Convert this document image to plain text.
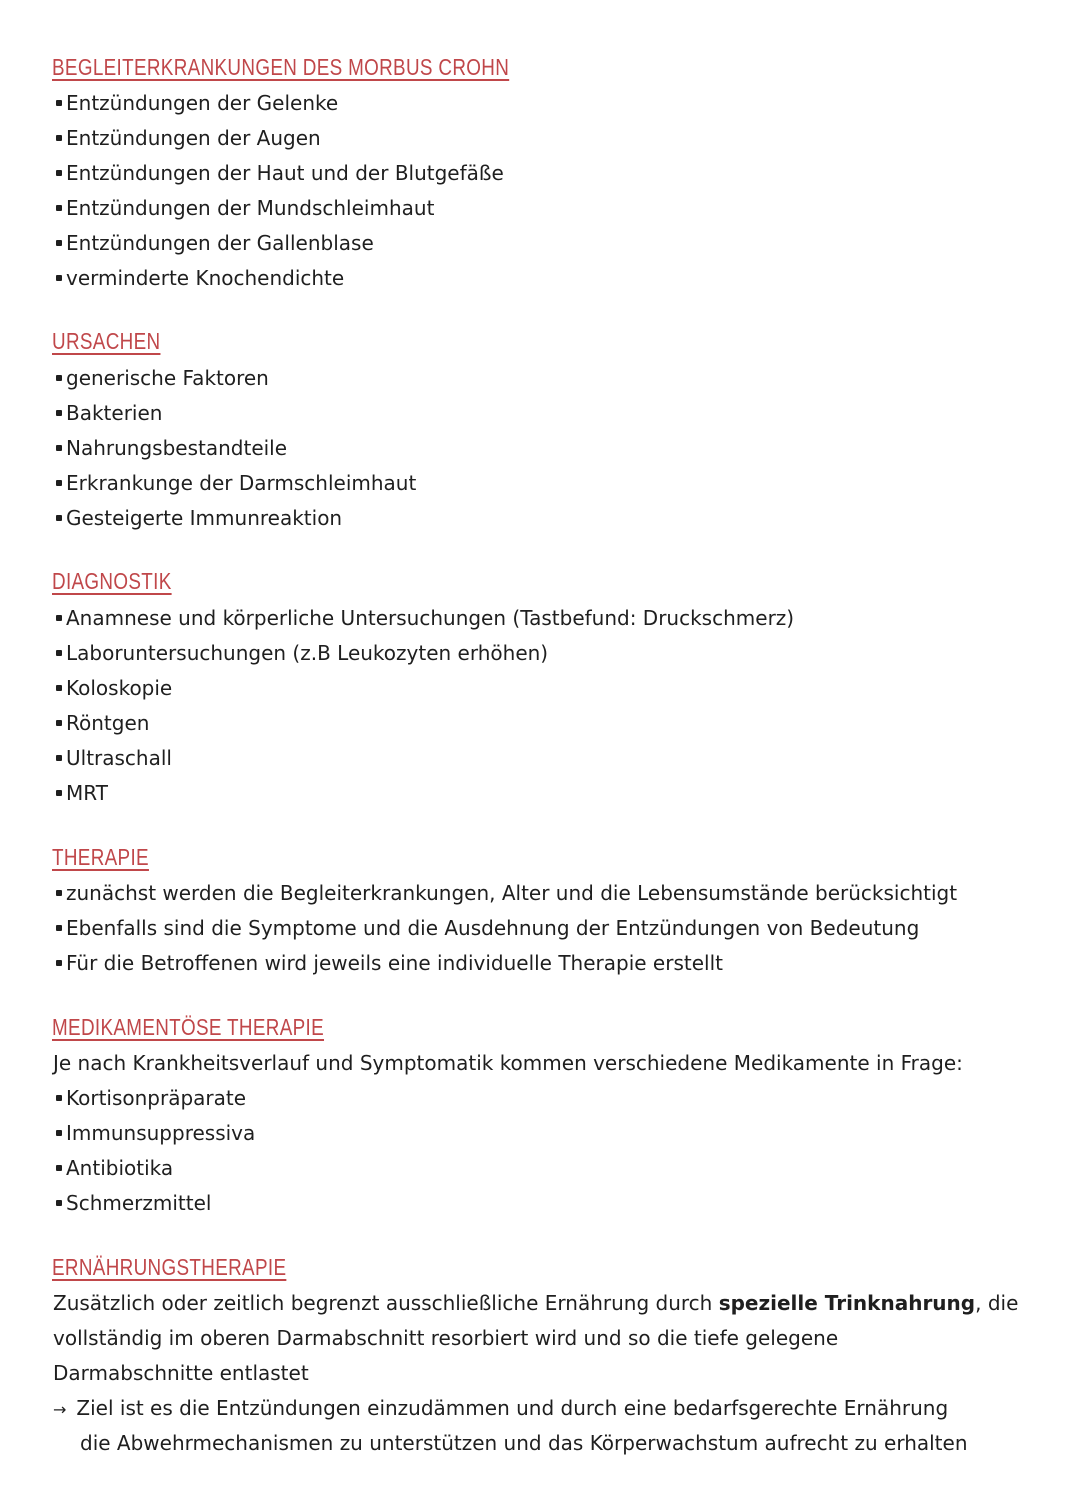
BEGLEITERKRANKUNGEN DES MORBUS CROHN
Entzündungen der Gelenke
Entzündungen der Augen
Entzündungen der Haut und der Blutgefäße
Entzündungen der Mundschleimhaut
Entzündungen der Gallenblase
verminderte Knochendichte
URSACHEN
generische Faktoren
Bakterien
Nahrungsbestandteile
Erkrankunge der Darmschleimhaut
Gesteigerte Immunreaktion
DIAGNOSTIK
Anamnese und körperliche Untersuchungen (Tastbefund: Druckschmerz)
Laboruntersuchungen (z.B Leukozyten erhöhen)
Koloskopie
Röntgen
Ultraschall
MRT
THERAPIE
zunächst werden die Begleiterkrankungen, Alter und die Lebensumstände berücksichtigt
Ebenfalls sind die Symptome und die Ausdehnung der Entzündungen von Bedeutung
Für die Betroffenen wird jeweils eine individuelle Therapie erstellt
MEDIKAMENTÖSE THERAPIE
Je nach Krankheitsverlauf und Symptomatik kommen verschiedene Medikamente in Frage:
Kortisonpräparate
Immunsuppressiva
Antibiotika
Schmerzmittel
ERNÄHRUNGSTHERAPIE
Zusätzlich oder zeitlich begrenzt ausschließliche Ernährung durch spezielle Trinknahrung, die
vollständig im oberen Darmabschnitt resorbiert wird und so die tiefe gelegene
Darmabschnitte entlastet
→ Ziel ist es die Entzündungen einzudämmen und durch eine bedarfsgerechte Ernährung
die Abwehrmechanismen zu unterstützen und das Körperwachstum aufrecht zu erhalten
